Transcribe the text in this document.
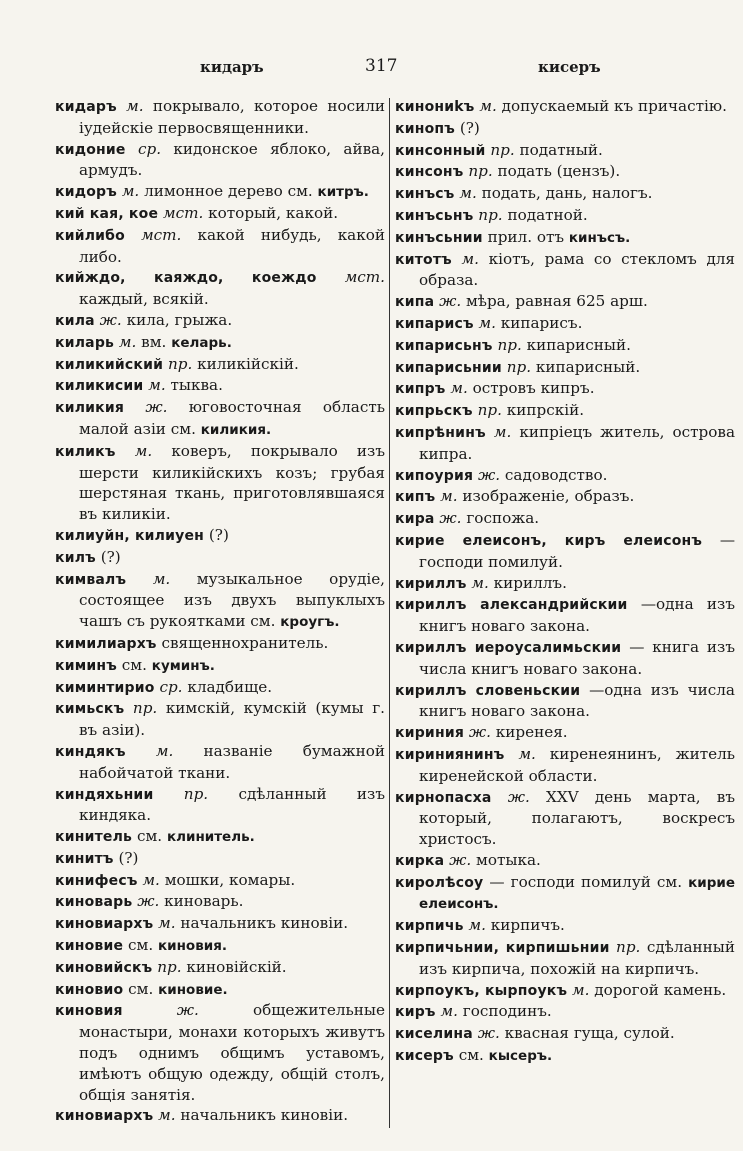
кидаръ	317	кисеръ

кидаръ м. покрывало, которое носили іудейскіе первосвященники.

кидоние ср. кидонское яблоко, айва, армудъ.

кидоръ м. лимонное дерево см. китръ.

кий кая, кое мст. который, какой.

кийлибо мст. какой нибудь, какой либо.

кийждо, каяждо, коеждо мст. каждый, всякій.

кила ж. кила, грыжа.

киларь м. вм. келарь.

киликийский пр. киликійскій.

киликисии м. тыква.

киликия ж. юговосточная область малой азіи см. киликия.

киликъ м. коверъ, покрывало изъ шерсти киликійскихъ козъ; грубая шерстяная ткань, приготовлявшаяся въ киликіи.

килиуйн, килиуен (?)

килъ (?)

кимвалъ м. музыкальное орудіе, состоящее изъ двухъ выпуклыхъ чашъ съ рукоятками см. кроугъ.

кимилиархъ священнохранитель.

киминъ см. куминъ.

киминтирио ср. кладбище.

кимьскъ пр. кимскій, кумскій (кумы г. въ азіи).

киндякъ м. названіе бумажной набойчатой ткани.

киндяхьнии пр. сдѣланный изъ киндяка.

кинитель см. клинитель.

кинитъ (?)

кинифесъ м. мошки, комары.

киноварь ж. киноварь.

киновиархъ м. начальникъ киновіи.

киновие см. киновия.

киновийскъ пр. киновійскій.

киновио см. киновие.

киновия	ж.	общежительные монастыри, монахи которыхъ живутъ подъ однимъ общимъ уставомъ, имѣютъ общую одежду, общій столъ, общія занятія.

киновиархъ м. начальникъ киновіи.

кинониkъ м. допускаемый къ причастію.

кинопъ (?)

кинсонный пр. податный.

кинсонъ пр. подать (цензъ).

кинъсъ м. подать, дань, налогъ.

кинъсьнъ пр. податной.

кинъсьнии прил. отъ кинъсъ.

китотъ м. кіотъ, рама со стекломъ для образа.

кипа ж. мѣра, равная 625 арш.

кипарисъ м. кипарисъ.

кипарисьнъ пр. кипарисный.

кипарисьнии пр. кипарисный.

кипръ м. островъ кипръ.

кипрьскъ пр. кипрскій.

кипрѣнинъ м. кипріецъ житель, острова кипра.

кипоурия ж. садоводство.

кипъ м. изображеніе, образъ.

кира ж. госпожа.

кирие елеисонъ, киръ елеисонъ — господи помилуй.

кириллъ м. кириллъ.

кириллъ александрийскии —одна изъ книгъ новаго закона.

кириллъ иероусалимьскии — книга изъ числа книгъ новаго закона.

кириллъ словеньскии —одна изъ числа книгъ новаго закона.

кириния ж. киренея.

кириниянинъ м. киренеянинъ, житель киренейской области.

кирнопасха ж. XXV день марта, въ который, полагаютъ, воскресъ христосъ.

кирка ж. мотыка.

киролѣсоу — господи помилуй см. кирие елеисонъ.

кирпичь м. кирпичъ.

кирпичьнии, кирпишьнии пр. сдѣланный изъ кирпича, похожій на кирпичъ.

кирпоукъ, кырпоукъ м. дорогой камень.

киръ м. господинъ.

киселина ж. квасная гуща, сулой.

кисеръ см. кысеръ.
